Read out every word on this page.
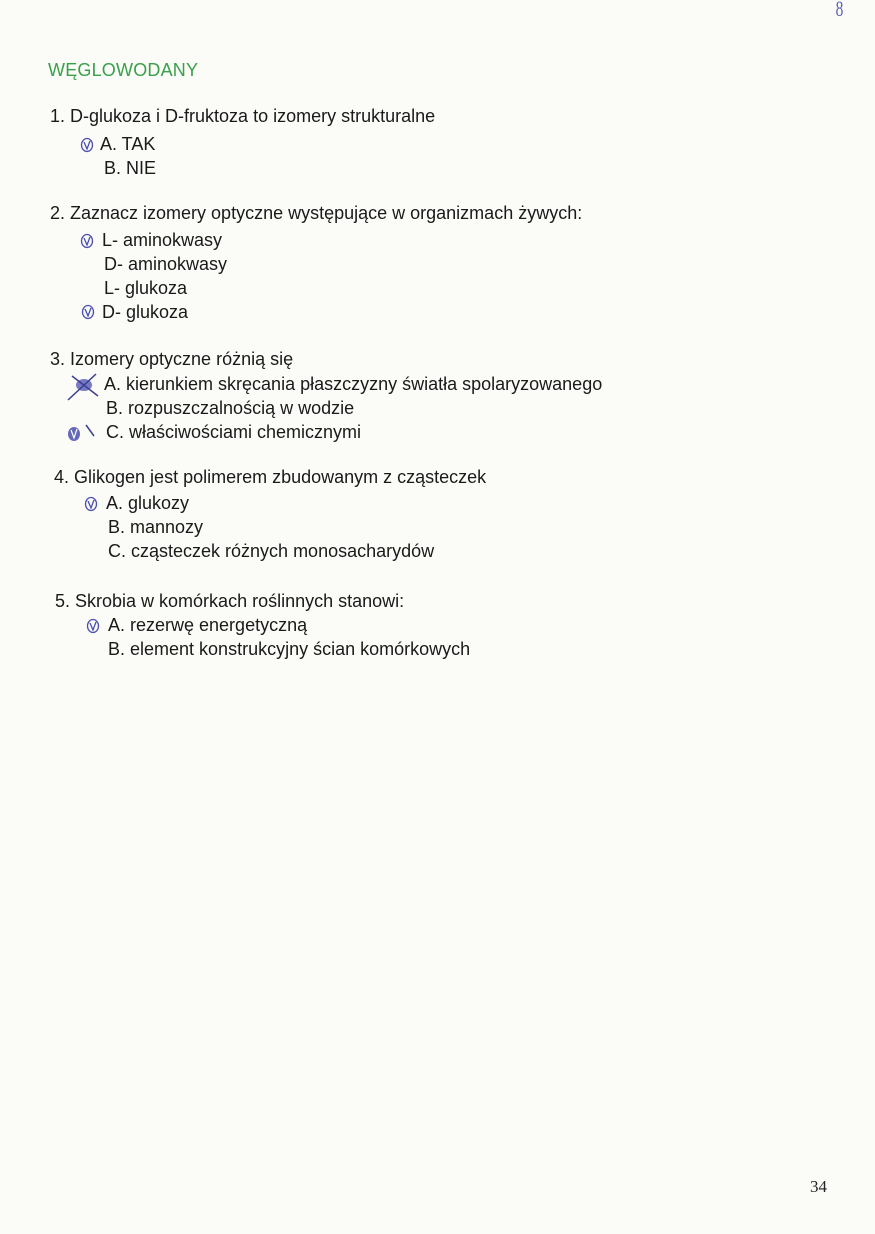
8
WĘGLOWODANY
1. D-glukoza i D-fruktoza to izomery strukturalne
A. TAK
B. NIE
2. Zaznacz izomery optyczne występujące w organizmach żywych:
L- aminokwasy
D- aminokwasy
L- glukoza
D- glukoza
3. Izomery optyczne różnią się
A. kierunkiem skręcania płaszczyzny światła spolaryzowanego
B. rozpuszczalnością w wodzie
C. właściwościami chemicznymi
4. Glikogen jest polimerem zbudowanym z cząsteczek
A. glukozy
B. mannozy
C. cząsteczek różnych monosacharydów
5. Skrobia w komórkach roślinnych stanowi:
A. rezerwę energetyczną
B. element konstrukcyjny ścian komórkowych
34
